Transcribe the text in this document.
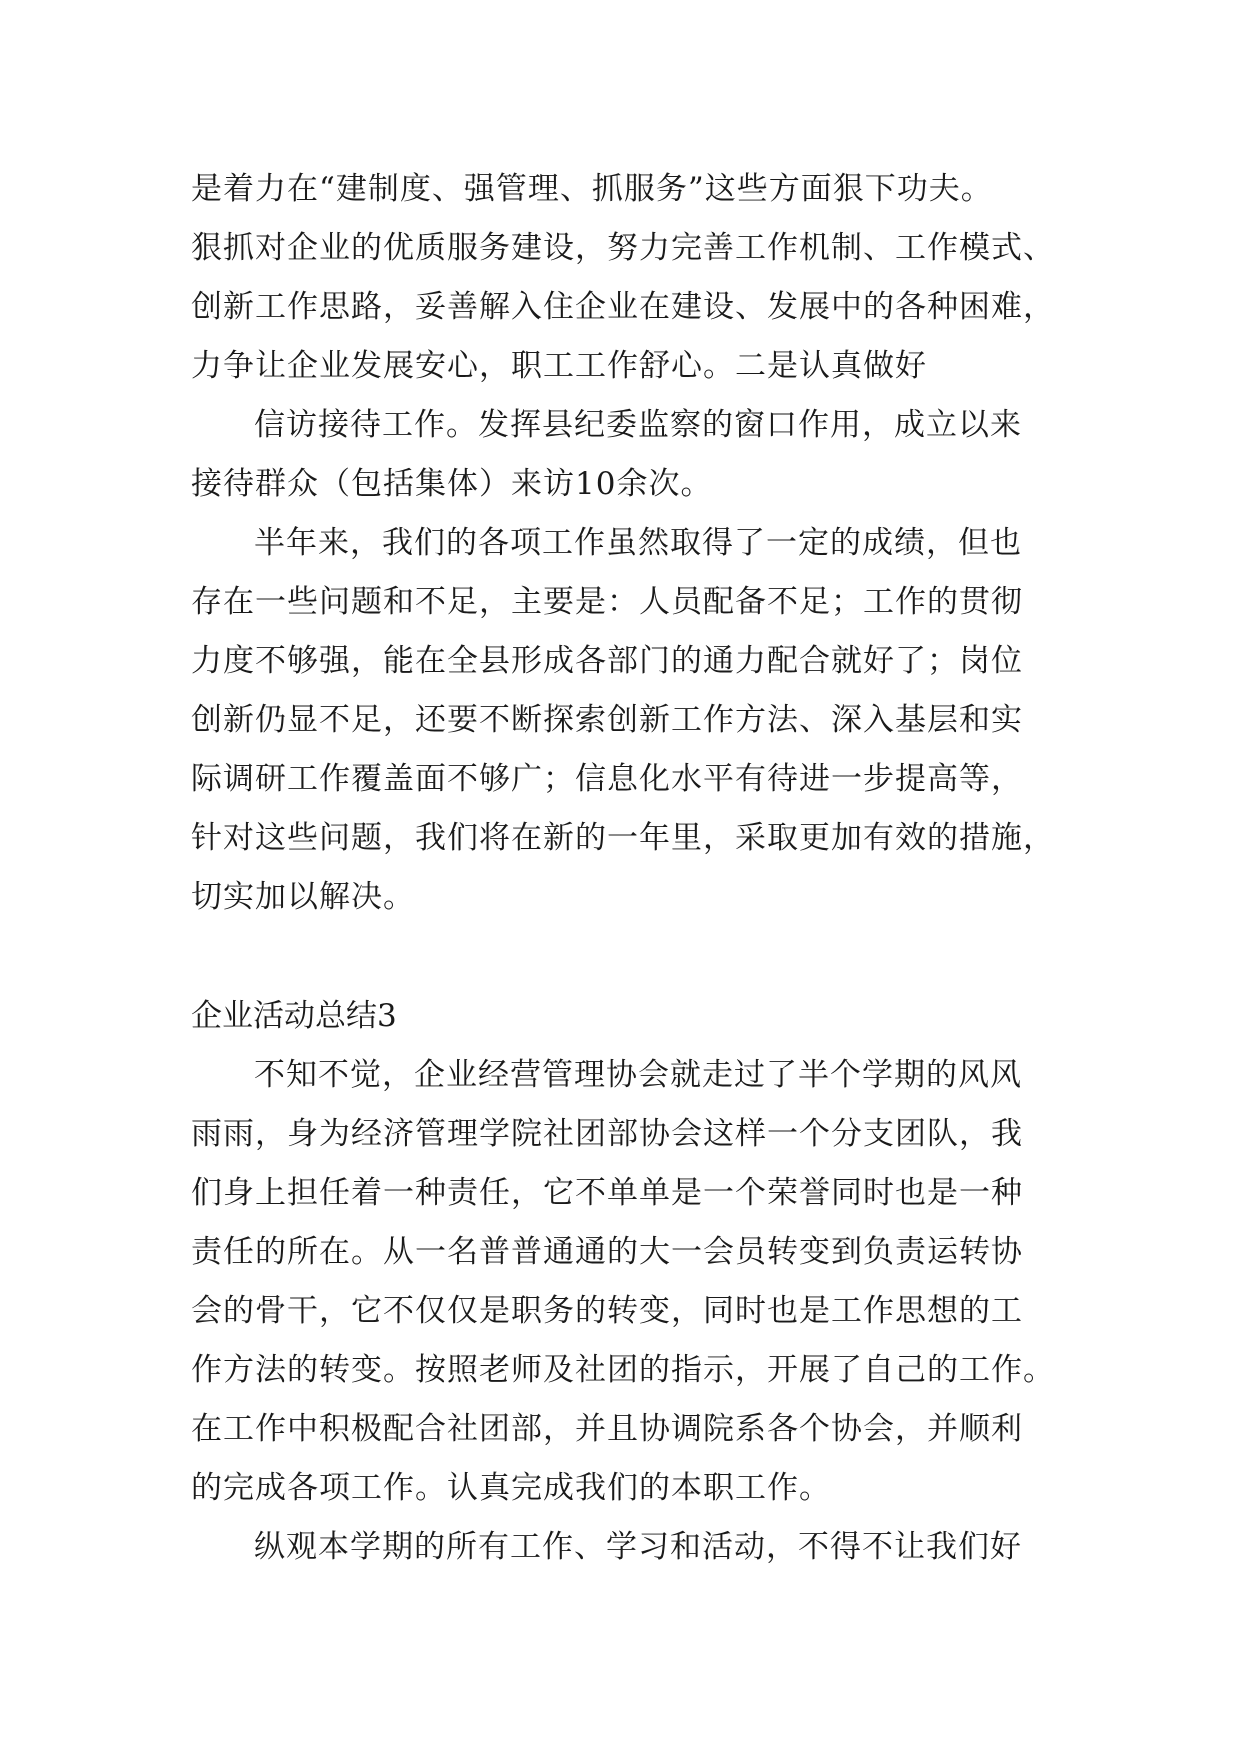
是着力在“建制度、强管理、抓服务”这些方面狠下功夫。
狠抓对企业的优质服务建设，努力完善工作机制、工作模式、
创新工作思路，妥善解入住企业在建设、发展中的各种困难，
力争让企业发展安心，职工工作舒心。二是认真做好
信访接待工作。发挥县纪委监察的窗口作用，成立以来
接待群众（包括集体）来访10余次。
半年来，我们的各项工作虽然取得了一定的成绩，但也
存在一些问题和不足，主要是：人员配备不足；工作的贯彻
力度不够强，能在全县形成各部门的通力配合就好了；岗位
创新仍显不足，还要不断探索创新工作方法、深入基层和实
际调研工作覆盖面不够广；信息化水平有待进一步提高等，
针对这些问题，我们将在新的一年里，采取更加有效的措施，
切实加以解决。
企业活动总结3
不知不觉，企业经营管理协会就走过了半个学期的风风
雨雨，身为经济管理学院社团部协会这样一个分支团队，我
们身上担任着一种责任，它不单单是一个荣誉同时也是一种
责任的所在。从一名普普通通的大一会员转变到负责运转协
会的骨干，它不仅仅是职务的转变，同时也是工作思想的工
作方法的转变。按照老师及社团的指示，开展了自己的工作。
在工作中积极配合社团部，并且协调院系各个协会，并顺利
的完成各项工作。认真完成我们的本职工作。
纵观本学期的所有工作、学习和活动，不得不让我们好
